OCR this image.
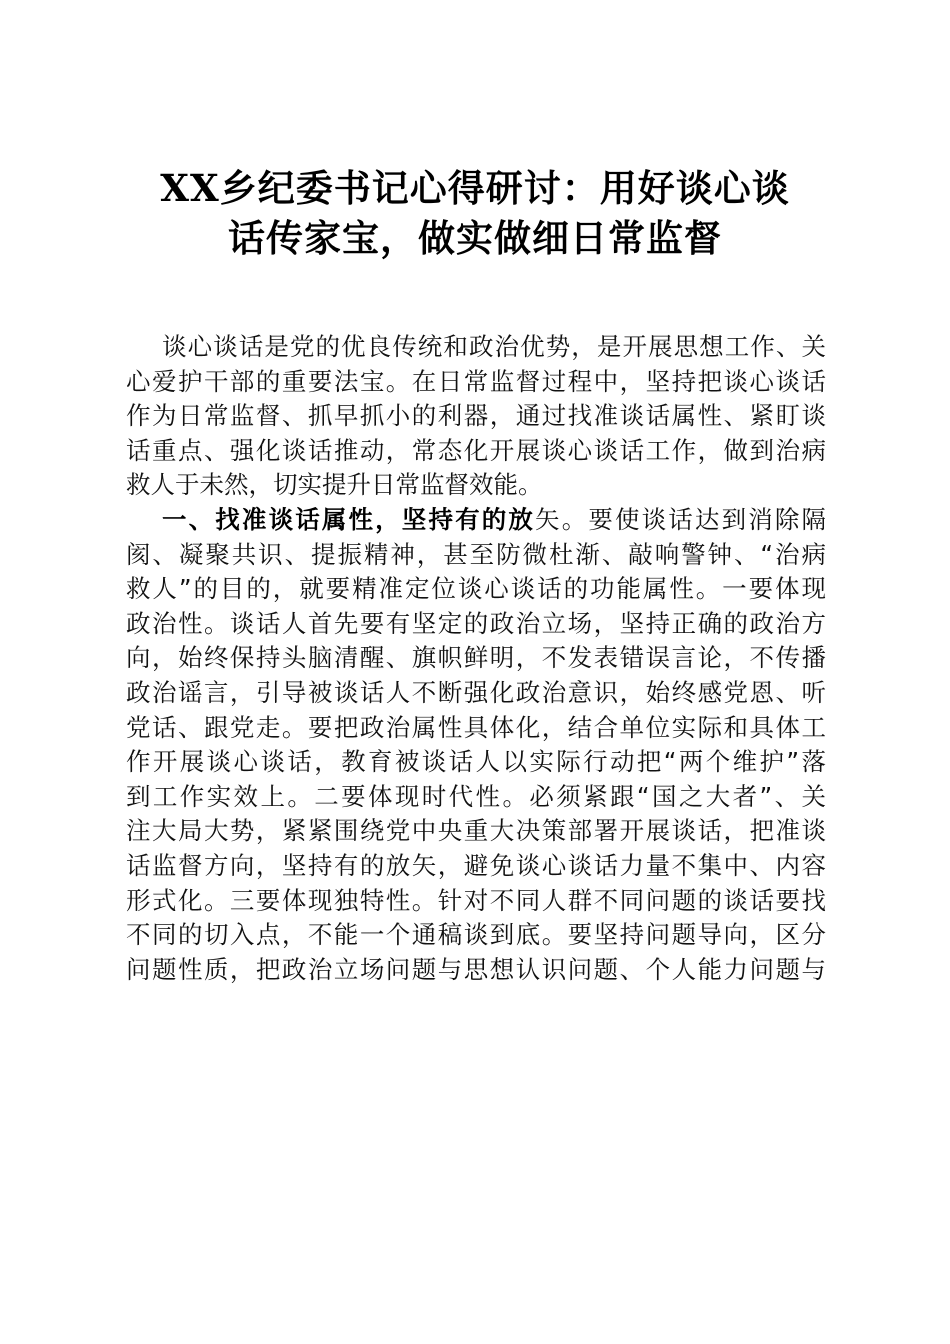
XX乡纪委书记心得研讨：用好谈心谈
话传家宝，做实做细日常监督
谈心谈话是党的优良传统和政治优势，是开展思想工作、关
心爱护干部的重要法宝。在日常监督过程中，坚持把谈心谈话
作为日常监督、抓早抓小的利器，通过找准谈话属性、紧盯谈
话重点、强化谈话推动，常态化开展谈心谈话工作，做到治病
救人于未然，切实提升日常监督效能。
一、找准谈话属性，坚持有的放矢。要使谈话达到消除隔
阂、凝聚共识、提振精神，甚至防微杜渐、敲响警钟、“治病
救人”的目的，就要精准定位谈心谈话的功能属性。一要体现
政治性。谈话人首先要有坚定的政治立场，坚持正确的政治方
向，始终保持头脑清醒、旗帜鲜明，不发表错误言论，不传播
政治谣言，引导被谈话人不断强化政治意识，始终感党恩、听
党话、跟党走。要把政治属性具体化，结合单位实际和具体工
作开展谈心谈话，教育被谈话人以实际行动把“两个维护”落
到工作实效上。二要体现时代性。必须紧跟“国之大者”、关
注大局大势，紧紧围绕党中央重大决策部署开展谈话，把准谈
话监督方向，坚持有的放矢，避免谈心谈话力量不集中、内容
形式化。三要体现独特性。针对不同人群不同问题的谈话要找
不同的切入点，不能一个通稿谈到底。要坚持问题导向，区分
问题性质，把政治立场问题与思想认识问题、个人能力问题与
